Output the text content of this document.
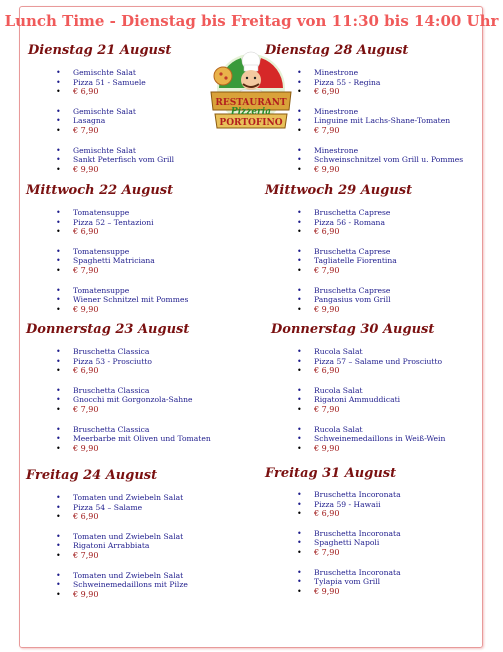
Lunch Time - Dienstag bis Freitag von 11:30 bis 14:00 Uhr
RESTAURANT
Pizzeria
PORTOFINO
Dienstag 21 August
• Gemischte Salat
• Pizza 51 - Samuele
• € 6,90
• Gemischte Salat
• Lasagna
• € 7,90
• Gemischte Salat
• Sankt Peterfisch vom Grill
• € 9,90
Dienstag 28 August
• Minestrone
• Pizza 55 - Regina
• € 6,90
• Minestrone
• Linguine mit Lachs-Shane-Tomaten
• € 7,90
• Minestrone
• Schweinschnitzel vom Grill u. Pommes
• € 9,90
Mittwoch 22 August
• Tomatensuppe
• Pizza 52 – Tentazioni
• € 6,90
• Tomatensuppe
• Spaghetti Matriciana
• € 7,90
• Tomatensuppe
• Wiener Schnitzel mit Pommes
• € 9,90
Mittwoch 29 August
• Bruschetta Caprese
• Pizza 56 - Romana
• € 6,90
• Bruschetta Caprese
• Tagliatelle Fiorentina
• € 7,90
• Bruschetta Caprese
• Pangasius vom Grill
• € 9,90
Donnerstag 23 August
• Bruschetta Classica
• Pizza 53 - Prosciutto
• € 6,90
• Bruschetta Classica
• Gnocchi mit Gorgonzola-Sahne
• € 7,90
• Bruschetta Classica
• Meerbarbe mit Oliven und Tomaten
• € 9,90
Donnerstag 30 August
• Rucola Salat
• Pizza 57 – Salame und Prosciutto
• € 6,90
• Rucola Salat
• Rigatoni Ammuddicati
• € 7,90
• Rucola Salat
• Schweinemedaillons in Weiß-Wein
• € 9,90
Freitag 24 August
• Tomaten und Zwiebeln Salat
• Pizza 54 – Salame
• € 6,90
• Tomaten und Zwiebeln Salat
• Rigatoni Arrabbiata
• € 7,90
• Tomaten und Zwiebeln Salat
• Schweinemedaillons mit Pilze
• € 9,90
Freitag 31 August
• Bruschetta Incoronata
• Pizza 59 - Hawaii
• € 6,90
• Bruschetta Incoronata
• Spaghetti Napoli
• € 7,90
• Bruschetta Incoronata
• Tylapia vom Grill
• € 9,90
